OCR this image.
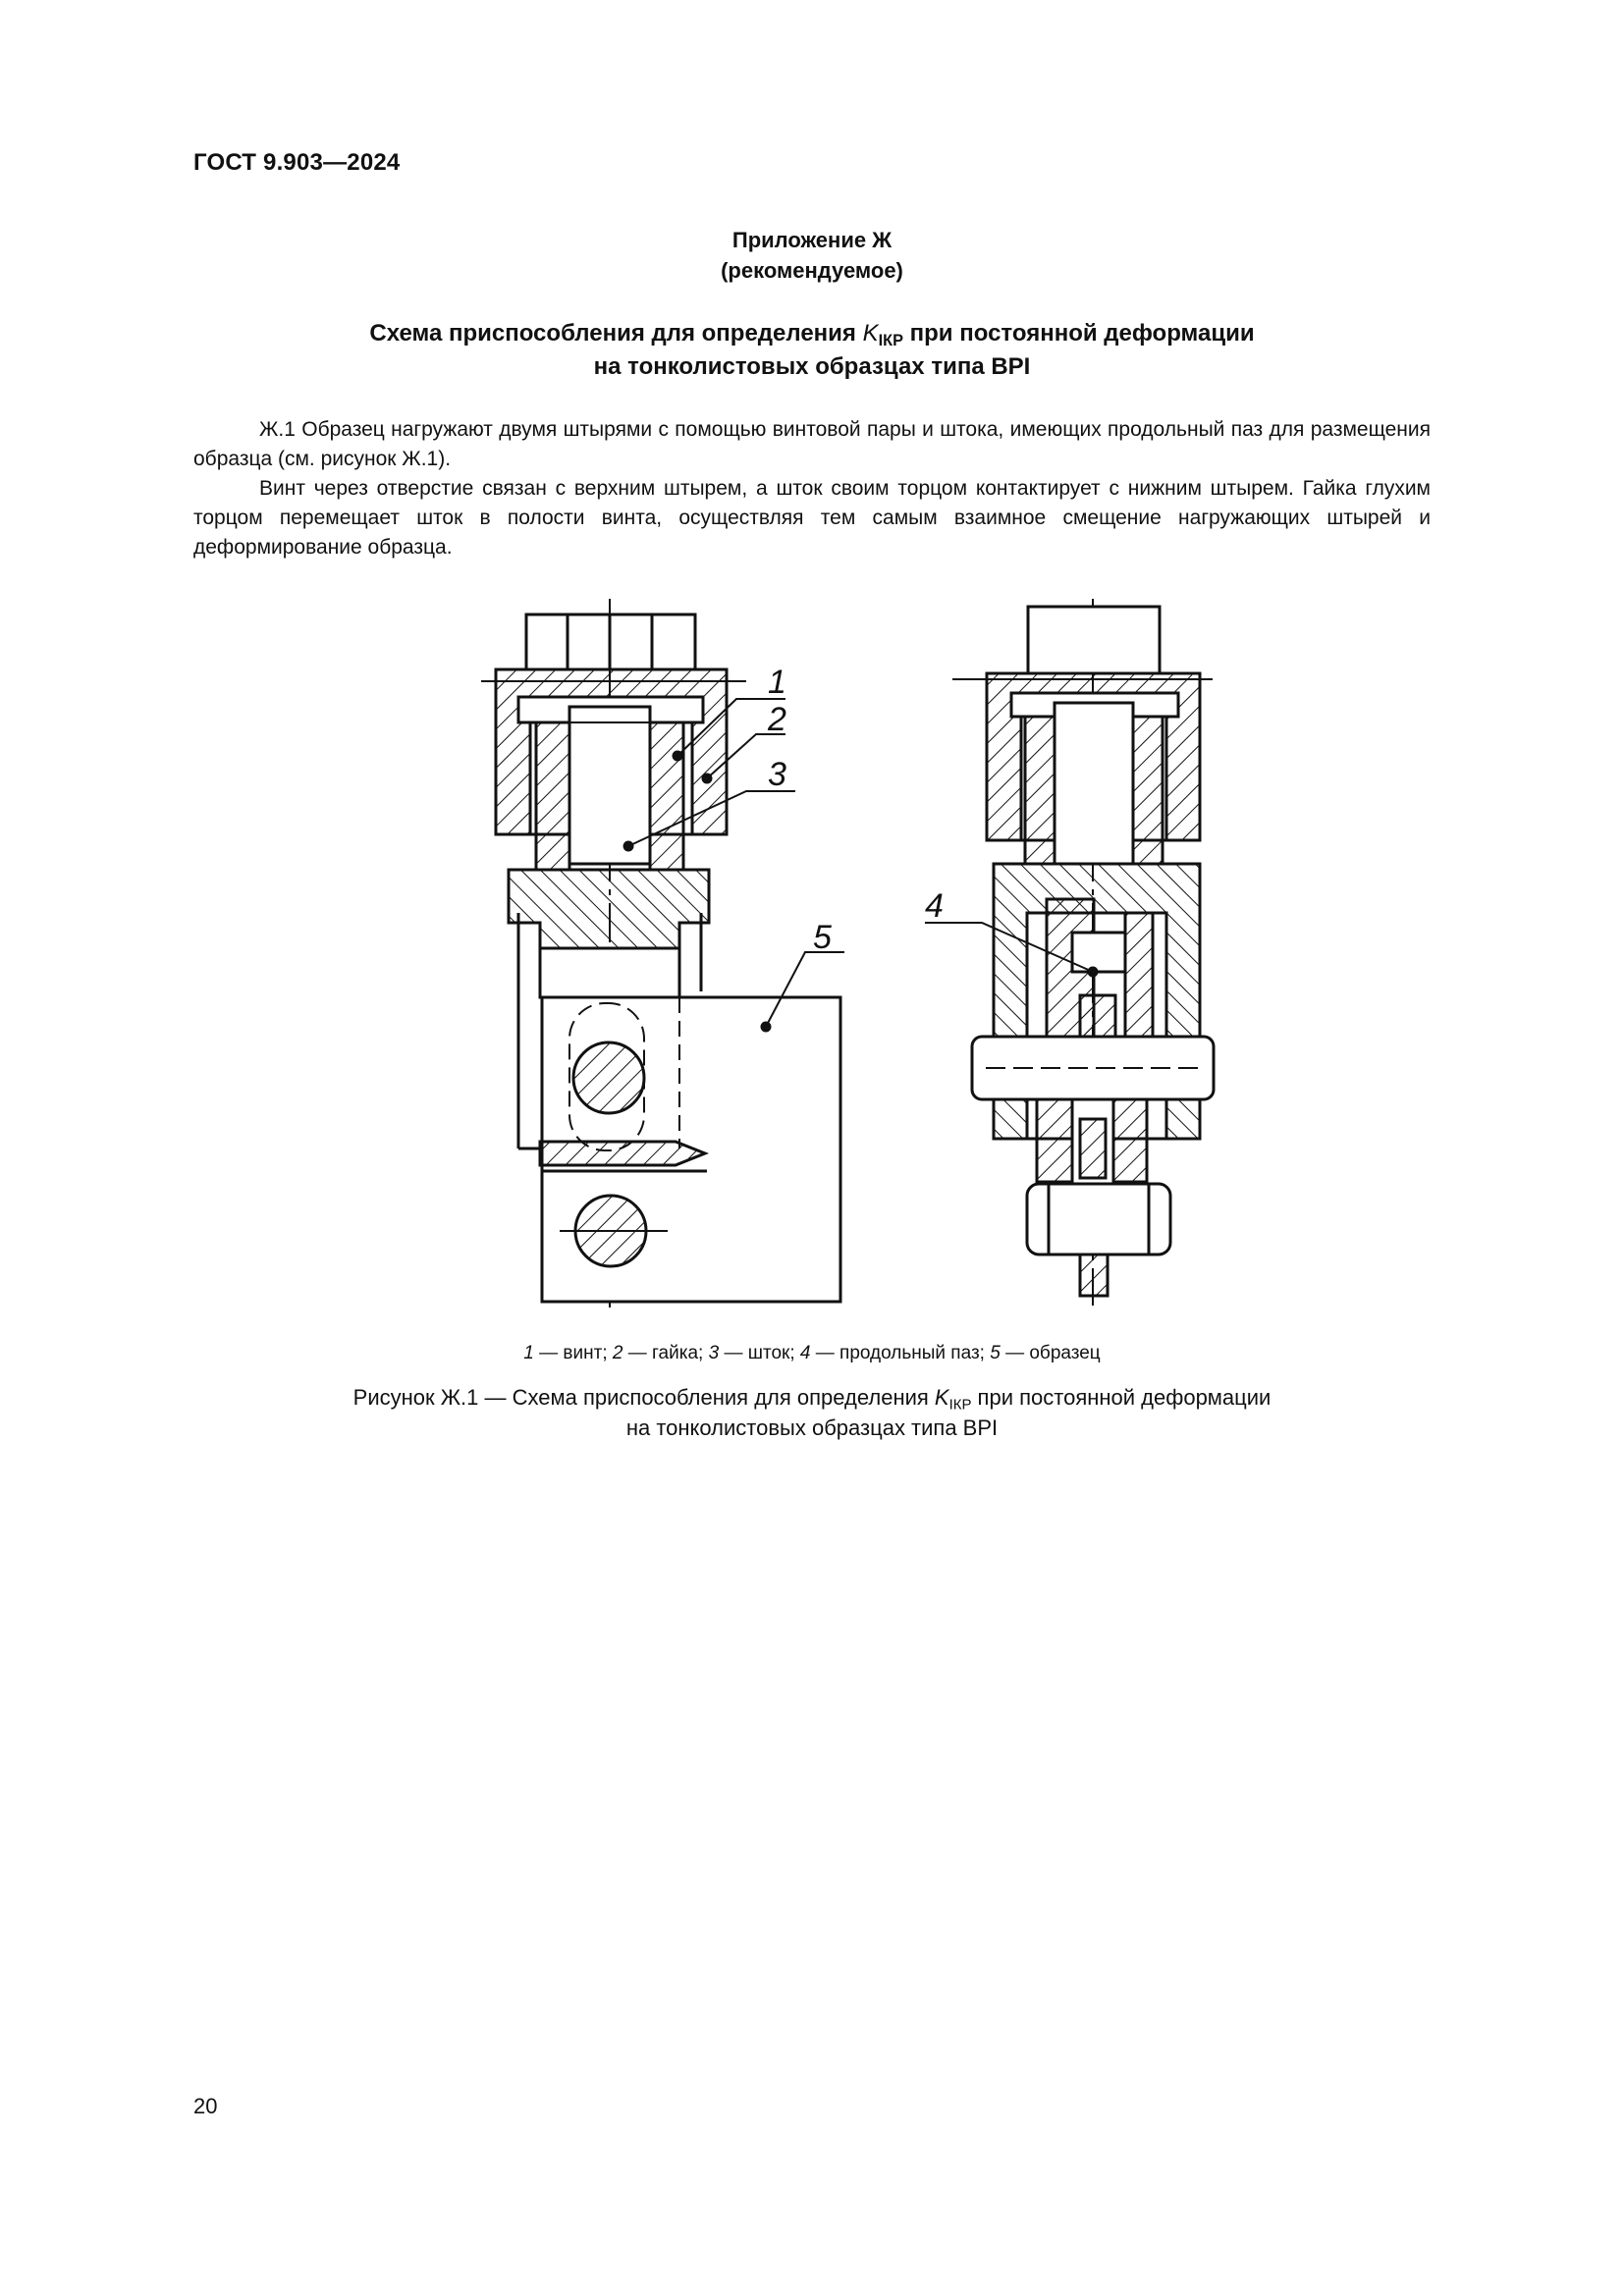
ГОСТ 9.903—2024
Приложение Ж
(рекомендуемое)
Схема приспособления для определения $K_{IКР}$ при постоянной деформации
на тонколистовых образцах типа BPI
Ж.1 Образец нагружают двумя штырями с помощью винтовой пары и штока, имеющих продольный паз для размещения образца (см. рисунок Ж.1).
Винт через отверстие связан с верхним штырем, а шток своим торцом контактирует с нижним штырем. Гайка глухим торцом перемещает шток в полости винта, осуществляя тем самым взаимное смещение нагружающих штырей и деформирование образца.
1
2
3
4
5
1 — винт; 2 — гайка; 3 — шток; 4 — продольный паз; 5 — образец
Рисунок Ж.1 — Схема приспособления для определения $K_{IКР}$ при постоянной деформации
на тонколистовых образцах типа BPI
20
